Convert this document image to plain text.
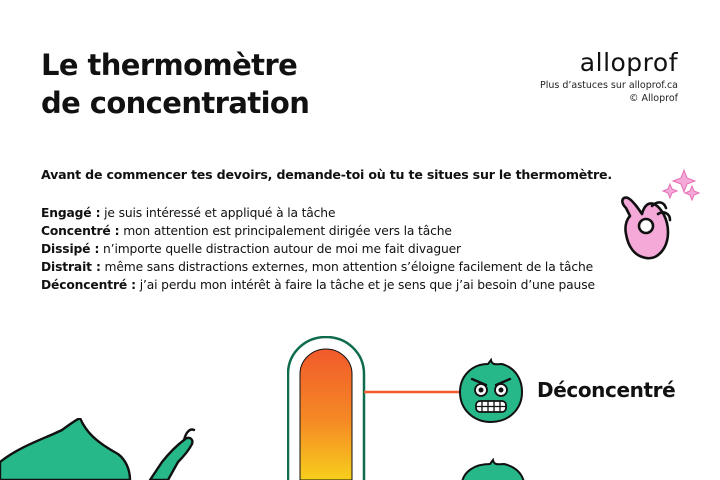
Le thermomètre
de concentration
alloprof
Plus d’astuces sur alloprof.ca
© Alloprof

Avant de commencer tes devoirs, demande-toi où tu te situes sur le thermomètre.

Engagé : je suis intéressé et appliqué à la tâche
Concentré : mon attention est principalement dirigée vers la tâche
Dissipé : n’importe quelle distraction autour de moi me fait divaguer
Distrait : même sans distractions externes, mon attention s’éloigne facilement de la tâche
Déconcentré : j’ai perdu mon intérêt à faire la tâche et je sens que j’ai besoin d’une pause

Déconcentré
